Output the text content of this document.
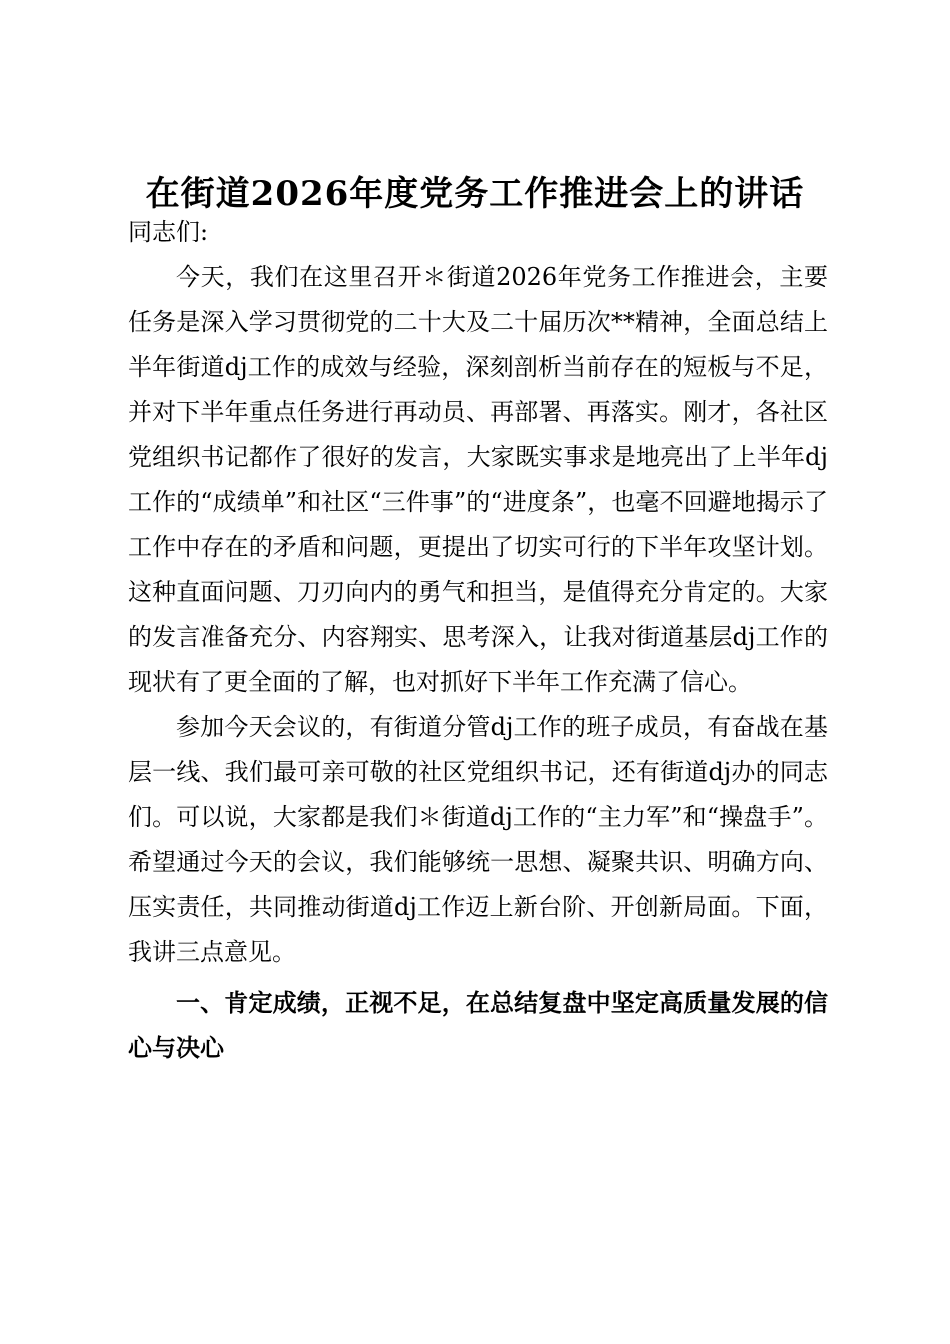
在街道2026年度党务工作推进会上的讲话

同志们:

今天，我们在这里召开＊街道2026年党务工作推进会，主要任务是深入学习贯彻党的二十大及二十届历次**精神，全面总结上半年街道dj工作的成效与经验，深刻剖析当前存在的短板与不足，并对下半年重点任务进行再动员、再部署、再落实。刚才，各社区党组织书记都作了很好的发言，大家既实事求是地亮出了上半年dj工作的“成绩单”和社区“三件事”的“进度条”，也毫不回避地揭示了工作中存在的矛盾和问题，更提出了切实可行的下半年攻坚计划。这种直面问题、刀刃向内的勇气和担当，是值得充分肯定的。大家的发言准备充分、内容翔实、思考深入，让我对街道基层dj工作的现状有了更全面的了解，也对抓好下半年工作充满了信心。

参加今天会议的，有街道分管dj工作的班子成员，有奋战在基层一线、我们最可亲可敬的社区党组织书记，还有街道dj办的同志们。可以说，大家都是我们＊街道dj工作的“主力军”和“操盘手”。希望通过今天的会议，我们能够统一思想、凝聚共识、明确方向、压实责任，共同推动街道dj工作迈上新台阶、开创新局面。下面，我讲三点意见。

一、肯定成绩，正视不足，在总结复盘中坚定高质量发展的信心与决心
